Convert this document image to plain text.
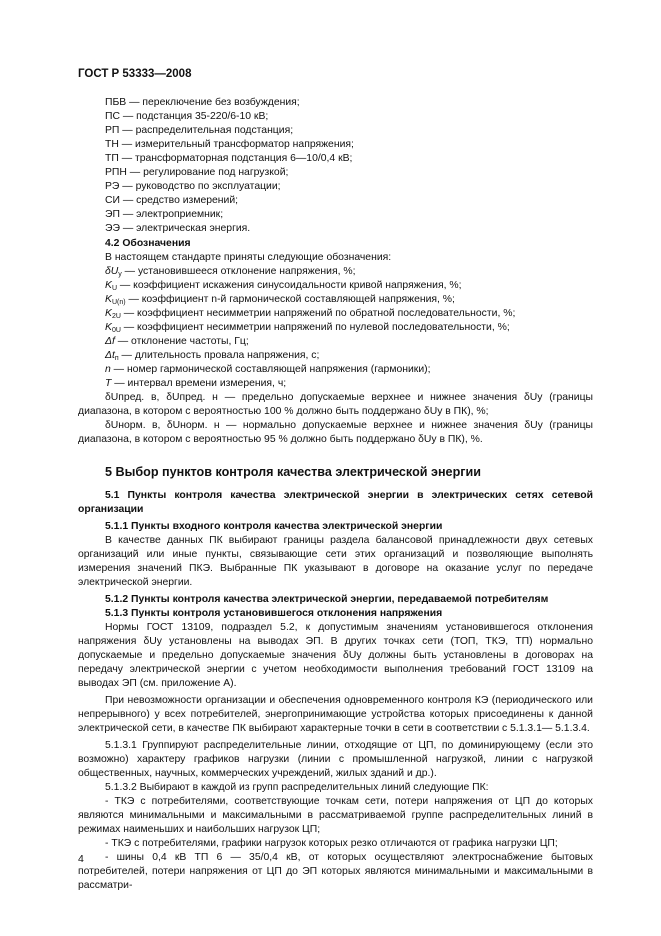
ГОСТ Р 53333—2008
ПБВ — переключение без возбуждения;
ПС — подстанция 35-220/6-10 кВ;
РП — распределительная подстанция;
ТН — измерительный трансформатор напряжения;
ТП — трансформаторная подстанция 6—10/0,4 кВ;
РПН — регулирование под нагрузкой;
РЭ — руководство по эксплуатации;
СИ — средство измерений;
ЭП — электроприемник;
ЭЭ — электрическая энергия.
4.2 Обозначения
В настоящем стандарте приняты следующие обозначения:
$\delta U_y$ — установившееся отклонение напряжения, %;
$K_U$ — коэффициент искажения синусоидальности кривой напряжения, %;
$K_{U(n)}$ — коэффициент n-й гармонической составляющей напряжения, %;
$K_{2U}$ — коэффициент несимметрии напряжений по обратной последовательности, %;
$K_{0U}$ — коэффициент несимметрии напряжений по нулевой последовательности, %;
Δf — отклонение частоты, Гц;
$\Delta t_п$ — длительность провала напряжения, с;
n — номер гармонической составляющей напряжения (гармоники);
T — интервал времени измерения, ч;
δUпред. в, δUпред. н — предельно допускаемые верхнее и нижнее значения δUy (границы диапазона, в котором с вероятностью 100 % должно быть поддержано δUy в ПК), %;
δUнорм. в, δUнорм. н — нормально допускаемые верхнее и нижнее значения δUy (границы диапазона, в котором с вероятностью 95 % должно быть поддержано δUy в ПК), %.
5 Выбор пунктов контроля качества электрической энергии
5.1 Пункты контроля качества электрической энергии в электрических сетях сетевой организации
5.1.1 Пункты входного контроля качества электрической энергии
В качестве данных ПК выбирают границы раздела балансовой принадлежности двух сетевых организаций или иные пункты, связывающие сети этих организаций и позволяющие выполнять измерения значений ПКЭ. Выбранные ПК указывают в договоре на оказание услуг по передаче электрической энергии.
5.1.2 Пункты контроля качества электрической энергии, передаваемой потребителям
5.1.3 Пункты контроля установившегося отклонения напряжения
Нормы ГОСТ 13109, подраздел 5.2, к допустимым значениям установившегося отклонения напряжения δUy установлены на выводах ЭП. В других точках сети (ТОП, ТКЭ, ТП) нормально допускаемые и предельно допускаемые значения δUy должны быть установлены в договорах на передачу электрической энергии с учетом необходимости выполнения требований ГОСТ 13109 на выводах ЭП (см. приложение А).
При невозможности организации и обеспечения одновременного контроля КЭ (периодического или непрерывного) у всех потребителей, энергопринимающие устройства которых присоединены к данной электрической сети, в качестве ПК выбирают характерные точки в сети в соответствии с 5.1.3.1— 5.1.3.4.
5.1.3.1 Группируют распределительные линии, отходящие от ЦП, по доминирующему (если это возможно) характеру графиков нагрузки (линии с промышленной нагрузкой, линии с нагрузкой общественных, научных, коммерческих учреждений, жилых зданий и др.).
5.1.3.2 Выбирают в каждой из групп распределительных линий следующие ПК:
- ТКЭ с потребителями, соответствующие точкам сети, потери напряжения от ЦП до которых являются минимальными и максимальными в рассматриваемой группе распределительных линий в режимах наименьших и наибольших нагрузок ЦП;
- ТКЭ с потребителями, графики нагрузок которых резко отличаются от графика нагрузки ЦП;
- шины 0,4 кВ ТП 6 — 35/0,4 кВ, от которых осуществляют электроснабжение бытовых потребителей, потери напряжения от ЦП до ЭП которых являются минимальными и максимальными в рассматри-
4
